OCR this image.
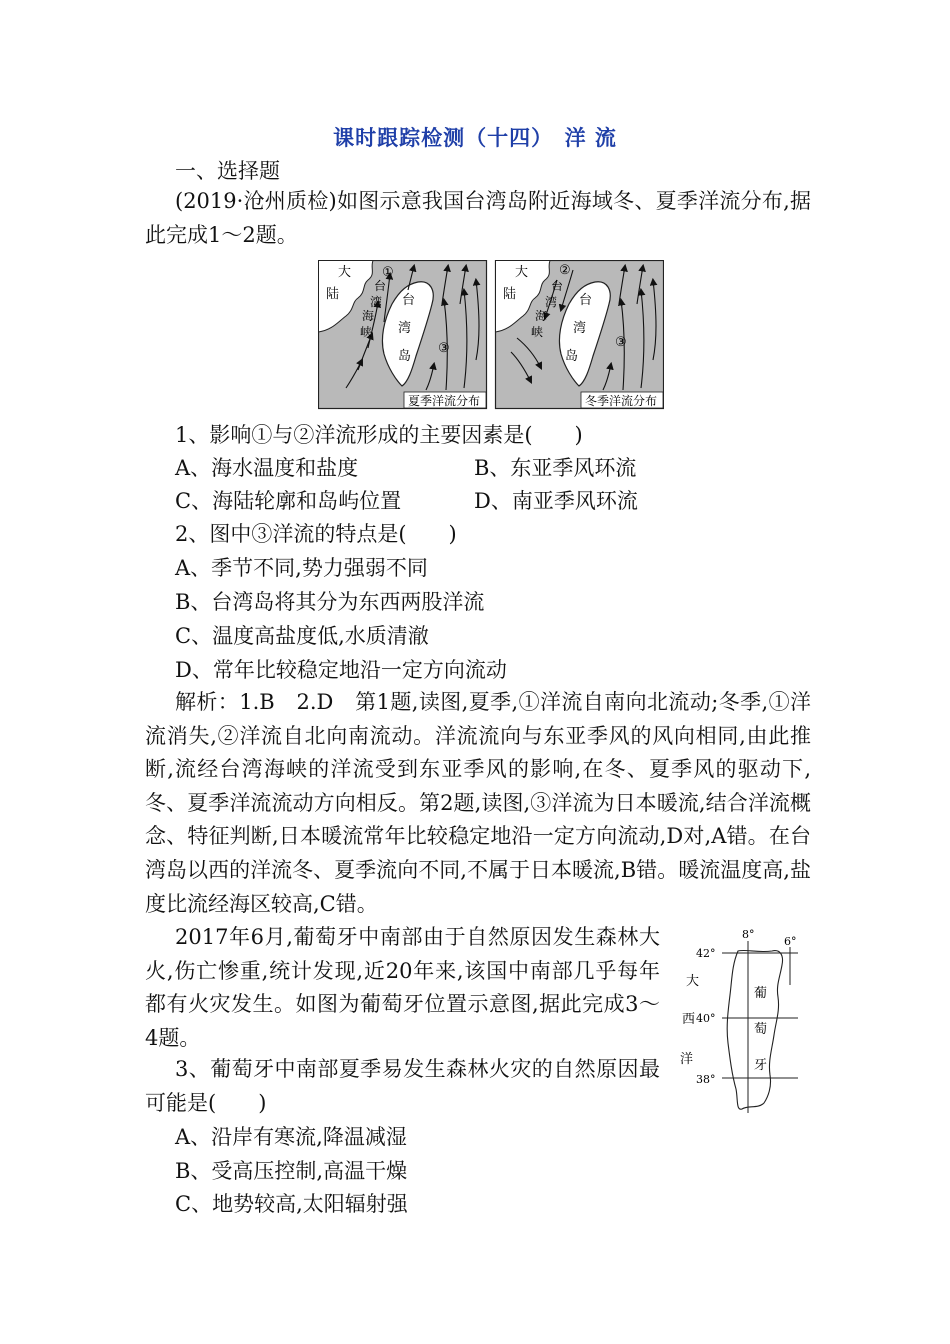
课时跟踪检测（十四）　洋 流
一、选择题
(2019·沧州质检)如图示意我国台湾岛附近海域冬、夏季洋流分布,据此完成1～2题。
大
陆
①
台
湾
海
峡
台
湾
岛
③
夏季洋流分布
大
陆
②
台
湾
海
峡
台
湾
岛
③
冬季洋流分布
1、影响①与②洋流形成的主要因素是(　　)
A、海水温度和盐度	B、东亚季风环流
C、海陆轮廓和岛屿位置	D、南亚季风环流
2、图中③洋流的特点是(　　)
A、季节不同,势力强弱不同
B、台湾岛将其分为东西两股洋流
C、温度高盐度低,水质清澈
D、常年比较稳定地沿一定方向流动
解析：1.B　2.D　第1题,读图,夏季,①洋流自南向北流动;冬季,①洋流消失,②洋流自北向南流动。洋流流向与东亚季风的风向相同,由此推断,流经台湾海峡的洋流受到东亚季风的影响,在冬、夏季风的驱动下,冬、夏季洋流流动方向相反。第2题,读图,③洋流为日本暖流,结合洋流概念、特征判断,日本暖流常年比较稳定地沿一定方向流动,D对,A错。在台湾岛以西的洋流冬、夏季流向不同,不属于日本暖流,B错。暖流温度高,盐度比流经海区较高,C错。
2017年6月,葡萄牙中南部由于自然原因发生森林大火,伤亡惨重,统计发现,近20年来,该国中南部几乎每年都有火灾发生。如图为葡萄牙位置示意图,据此完成3～4题。
8°
6°
42°
40°
38°
大
西
洋
葡
萄
牙
3、葡萄牙中南部夏季易发生森林火灾的自然原因最可能是(　　)
A、沿岸有寒流,降温减湿
B、受高压控制,高温干燥
C、地势较高,太阳辐射强
